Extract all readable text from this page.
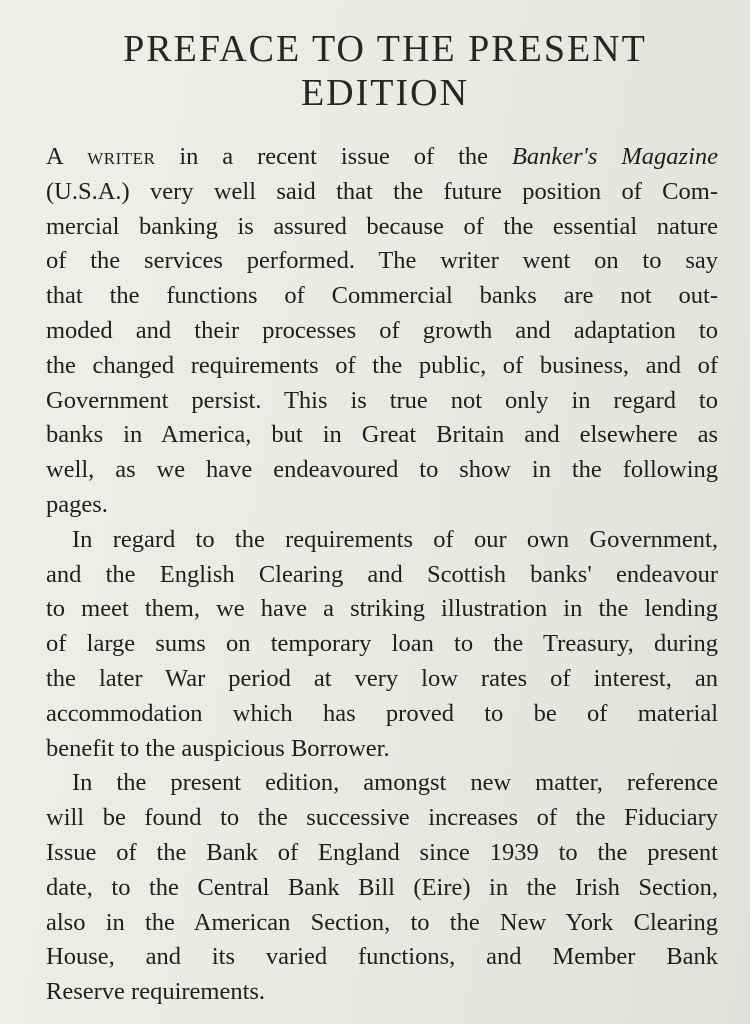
PREFACE TO THE PRESENT
EDITION
A writer in a recent issue of the Banker's Magazine
(U.S.A.) very well said that the future position of Com-
mercial banking is assured because of the essential nature
of the services performed. The writer went on to say
that the functions of Commercial banks are not out-
moded and their processes of growth and adaptation to
the changed requirements of the public, of business, and of
Government persist. This is true not only in regard to
banks in America, but in Great Britain and elsewhere as
well, as we have endeavoured to show in the following
pages.
In regard to the requirements of our own Government,
and the English Clearing and Scottish banks' endeavour
to meet them, we have a striking illustration in the lending
of large sums on temporary loan to the Treasury, during
the later War period at very low rates of interest, an
accommodation which has proved to be of material
benefit to the auspicious Borrower.
In the present edition, amongst new matter, reference
will be found to the successive increases of the Fiduciary
Issue of the Bank of England since 1939 to the present
date, to the Central Bank Bill (Eire) in the Irish Section,
also in the American Section, to the New York Clearing
House, and its varied functions, and Member Bank
Reserve requirements.
